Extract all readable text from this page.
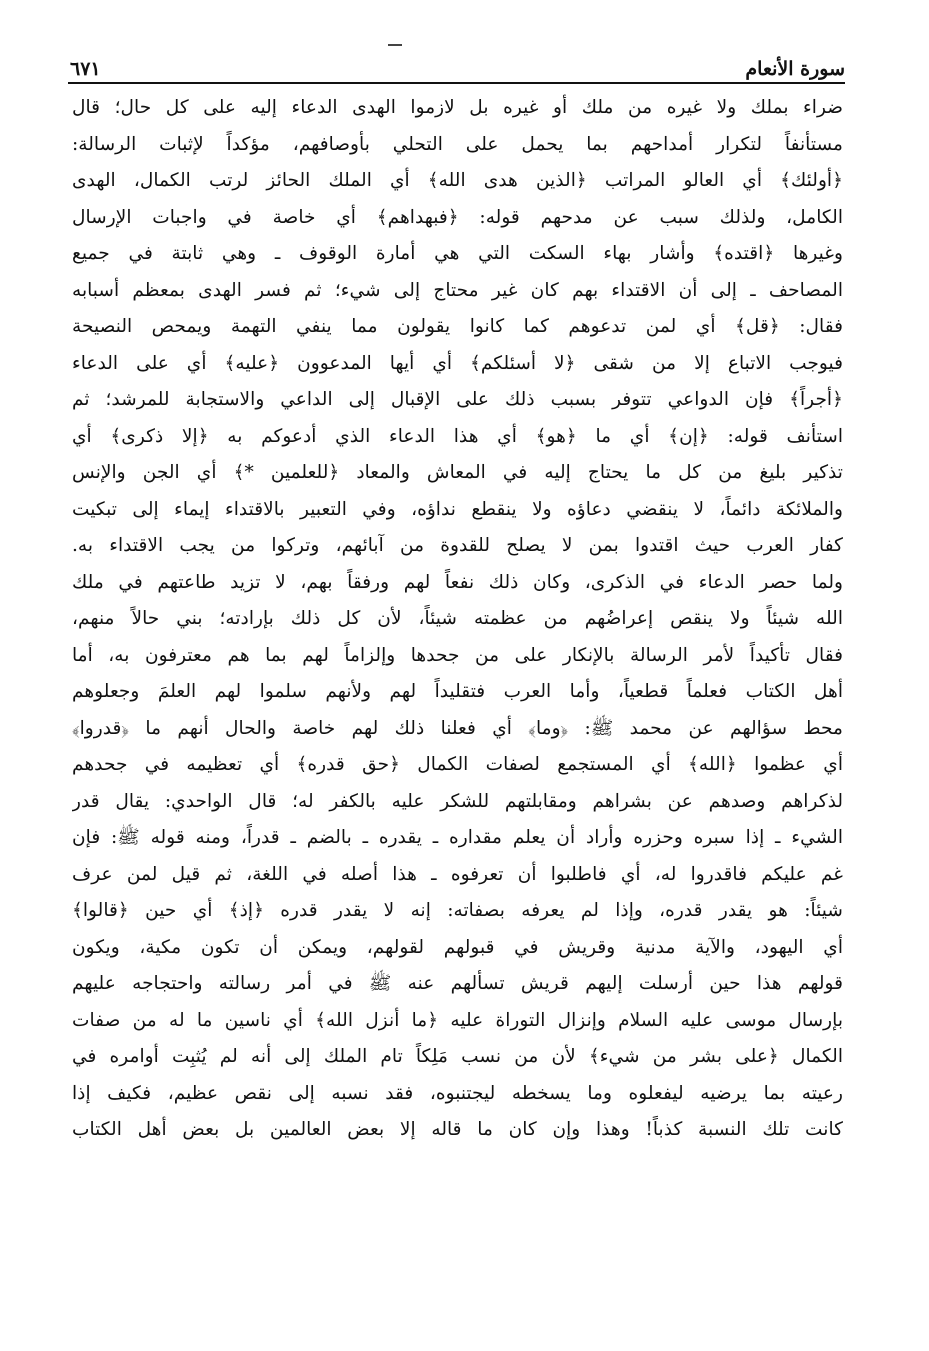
سورة الأنعام
٦٧١
ضراء بملك ولا غيره من ملك أو غيره بل لازموا الهدى الدعاء إليه على كل حال؛ قال
مستأنفاً لتكرار أمداحهم بما يحمل على التحلي بأوصافهم، مؤكداً لإثبات الرسالة:
﴿أولئك﴾ أي العالو المراتب ﴿الذين هدى الله﴾ أي الملك الحائز لرتب الكمال، الهدى
الكامل، ولذلك سبب عن مدحهم قوله: ﴿فبهداهم﴾ أي خاصة في واجبات الإرسال
وغيرها ﴿اقتده﴾ وأشار بهاء السكت التي هي أمارة الوقوف ـ وهي ثابتة في جميع
المصاحف ـ إلى أن الاقتداء بهم كان غير محتاج إلى شيء؛ ثم فسر الهدى بمعظم أسبابه
فقال: ﴿قل﴾ أي لمن تدعوهم كما كانوا يقولون مما ينفي التهمة ويمحص النصيحة
فيوجب الاتباع إلا من شقى ﴿لا أسئلكم﴾ أي أيها المدعوون ﴿عليه﴾ أي على الدعاء
﴿أجراً﴾ فإن الدواعي تتوفر بسبب ذلك على الإقبال إلى الداعي والاستجابة للمرشد؛ ثم
استأنف قوله: ﴿إن﴾ أي ما ﴿هو﴾ أي هذا الدعاء الذي أدعوكم به ﴿إلا ذكرى﴾ أي
تذكير بليغ من كل ما يحتاج إليه في المعاش والمعاد ﴿للعلمين *﴾ أي الجن والإنس
والملائكة دائماً، لا ينقضي دعاؤه ولا ينقطع نداؤه، وفي التعبير بالاقتداء إيماء إلى تبكيت
كفار العرب حيث اقتدوا بمن لا يصلح للقدوة من آبائهم، وتركوا من يجب الاقتداء به.
ولما حصر الدعاء في الذكرى، وكان ذلك نفعاً لهم ورفقاً بهم، لا تزيد طاعتهم في ملك
الله شيئاً ولا ينقص إعراضُهم من عظمته شيئاً، لأن كل ذلك بإرادته؛ بني حالاً منهم،
فقال تأكيداً لأمر الرسالة بالإنكار على من جحدها وإلزاماً لهم بما هم معترفون به، أما
أهل الكتاب فعلماً قطعياً، وأما العرب فتقليداً لهم ولأنهم سلموا لهم العلمَ وجعلوهم
محط سؤالهم عن محمد ﷺ: ﴿وما﴾ أي فعلنا ذلك لهم خاصة والحال أنهم ما ﴿قدروا﴾
أي عظموا ﴿الله﴾ أي المستجمع لصفات الكمال ﴿حق قدره﴾ أي تعظيمه في جحدهم
لذكراهم وصدهم عن بشراهم ومقابلتهم للشكر عليه بالكفر له؛ قال الواحدي: يقال قدر
الشيء ـ إذا سبره وحزره وأراد أن يعلم مقداره ـ يقدره ـ بالضم ـ قدراً، ومنه قوله ﷺ: فإن
غم عليكم فاقدروا له، أي فاطلبوا أن تعرفوه ـ هذا أصله في اللغة، ثم قيل لمن عرف
شيئاً: هو يقدر قدره، وإذا لم يعرفه بصفاته: إنه لا يقدر قدره ﴿إذ﴾ أي حين ﴿قالوا﴾
أي اليهود، والآية مدنية وقريش في قبولهم لقولهم، ويمكن أن تكون مكية، ويكون
قولهم هذا حين أرسلت إليهم قريش تسألهم عنه ﷺ في أمر رسالته واحتجاجه عليهم
بإرسال موسى عليه السلام وإنزال التوراة عليه ﴿ما أنزل الله﴾ أي ناسين ما له من صفات
الكمال ﴿على بشر من شيء﴾ لأن من نسب مَلِكاً تام الملك إلى أنه لم يُثبِت أوامره في
رعيته بما يرضيه ليفعلوه وما يسخطه ليجتنبوه، فقد نسبه إلى نقص عظيم، فكيف إذا
كانت تلك النسبة كذباً! وهذا وإن كان ما قاله إلا بعض العالمين بل بعض أهل الكتاب
